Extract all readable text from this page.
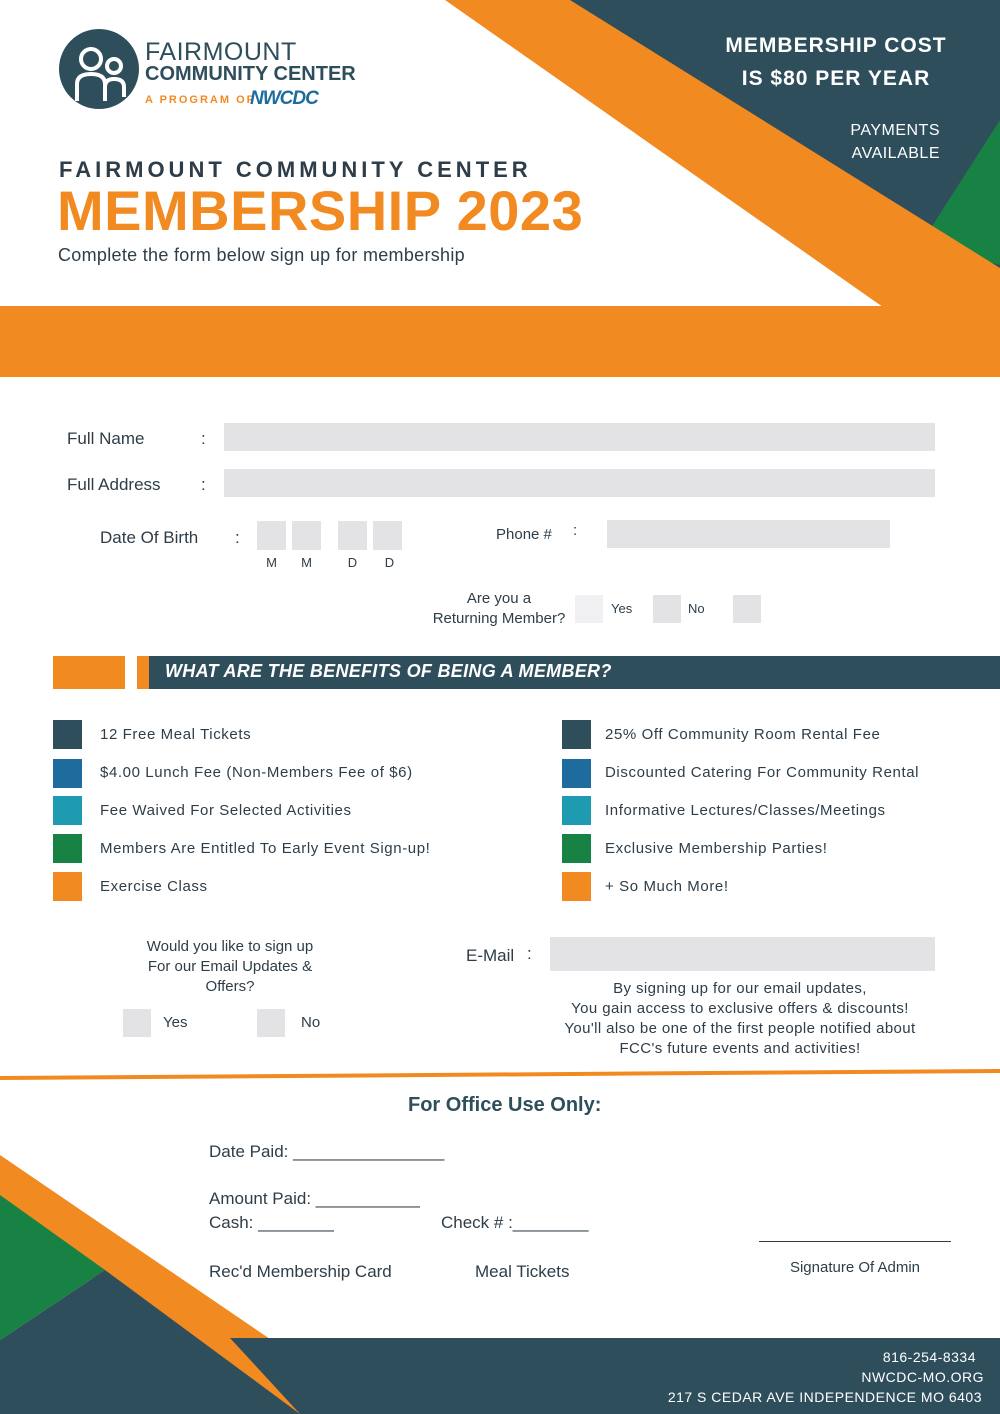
FAIRMOUNT
COMMUNITY CENTER
A PROGRAM OF
NWCDC
FAIRMOUNT COMMUNITY CENTER
MEMBERSHIP 2023
Complete the form below sign up for membership
MEMBERSHIP COST
IS $80 PER YEAR
PAYMENTS
AVAILABLE
Full Name	:
Full Address :
Date Of Birth :
M	M	D	D
Phone # :
Are you a
Returning Member?
Yes	No
WHAT ARE THE BENEFITS OF BEING A MEMBER?
12 Free Meal Tickets
$4.00 Lunch Fee (Non-Members Fee of $6)
Fee Waived For Selected Activities
Members Are Entitled To Early Event Sign-up!
Exercise Class
25% Off Community Room Rental Fee
Discounted Catering For Community Rental
Informative Lectures/Classes/Meetings
Exclusive Membership Parties!
+ So Much More!
Would you like to sign up
For our Email Updates &
Offers?
Yes	No
E-Mail :
By signing up for our email updates,
You gain access to exclusive offers & discounts!
You'll also be one of the first people notified about
FCC's future events and activities!
For Office Use Only:
Date Paid: ________________
Amount Paid: ___________
Cash: ________	Check # :________
Rec'd Membership Card	Meal Tickets	Signature Of Admin
816-254-8334
NWCDC-MO.ORG
217 S CEDAR AVE INDEPENDENCE MO 6403
